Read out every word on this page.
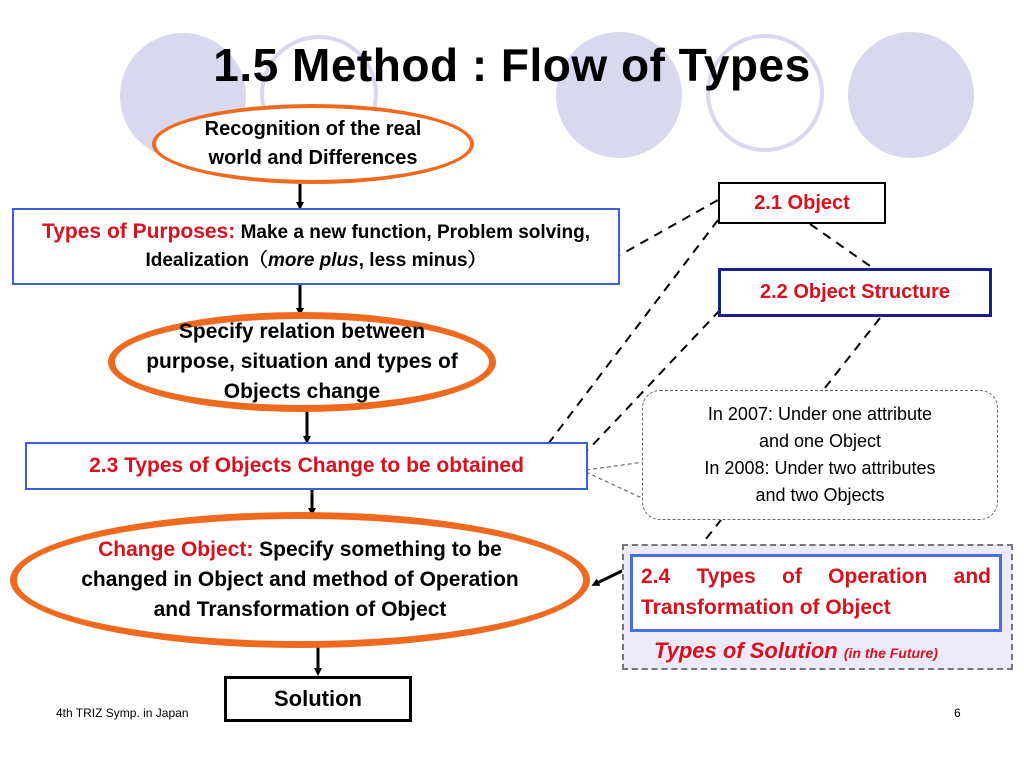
1.5 Method : Flow of Types
Recognition of the real world and Differences
Types of Purposes: Make a new function, Problem solving, Idealization（more plus, less minus）
Specify relation between purpose, situation and types of Objects change
2.3 Types of Objects Change to be obtained
Change Object: Specify something to be changed in Object and method of Operation and Transformation of Object
Solution
2.1 Object
2.2 Object Structure
In 2007: Under one attribute
and one Object
In 2008: Under two attributes
and two Objects
2.4 Types of Operation and Transformation of Object
Types of Solution (in the Future)
4th TRIZ Symp. in Japan	6
